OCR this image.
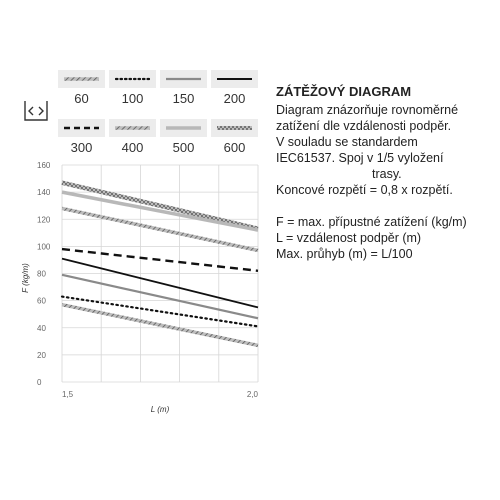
60	100	150	200
300	400	500	600
ZÁTĚŽOVÝ DIAGRAM

Diagram znázorňuje rovnoměrné

zatížení dle vzdálenosti podpěr.

V souladu se standardem

IEC61537. Spoj v 1/5 vyložení

trasy.

Koncové rozpětí = 0,8 x rozpětí.

F = max. přípustné zatížení (kg/m)

L = vzdálenost podpěr (m)

Max. průhyb (m) = L/100

0
20
40
60
80
100
120
140
160
1,5	2,0
F (kg/m)
L (m)
